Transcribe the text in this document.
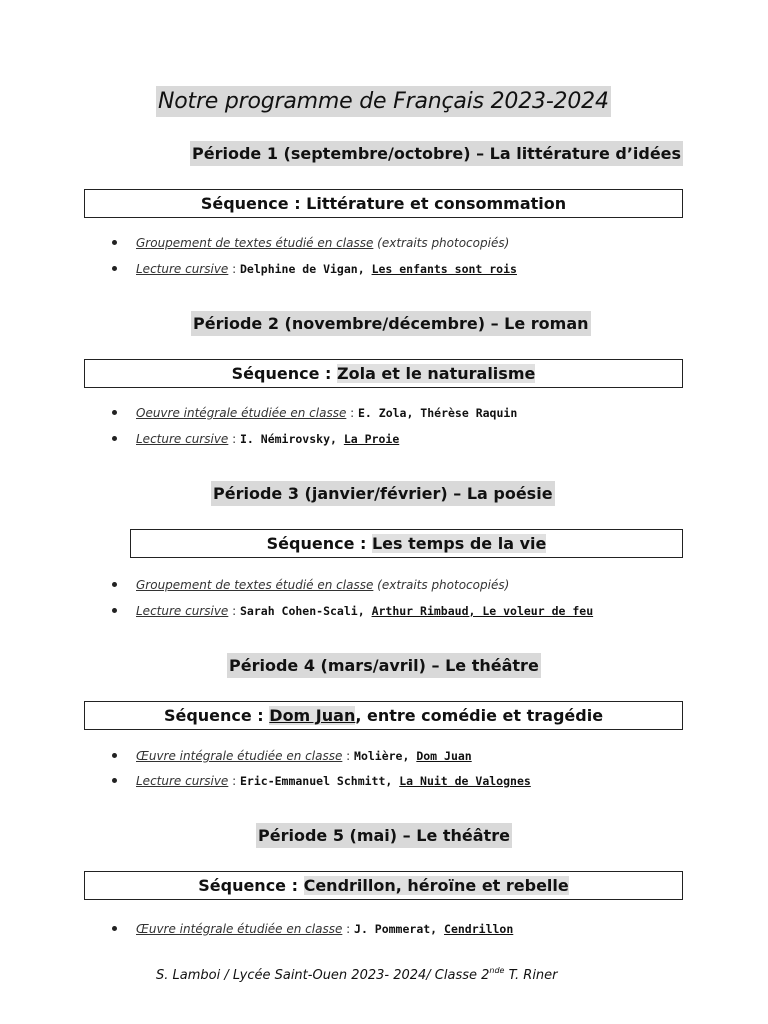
Notre programme de Français 2023-2024
Période 1 (septembre/octobre) – La littérature d’idées
Séquence :
Littérature et consommation
Groupement de textes étudié en classe (extraits photocopiés)
Lecture cursive : Delphine de Vigan, Les enfants sont rois
Période 2 (novembre/décembre) – Le roman
Séquence :
Zola et le naturalisme
Oeuvre intégrale étudiée en classe : E. Zola, Thérèse Raquin
Lecture cursive : I. Némirovsky, La Proie
Période 3 (janvier/février) – La poésie
Séquence :
Les temps de la vie
Groupement de textes étudié en classe (extraits photocopiés)
Lecture cursive : Sarah Cohen-Scali, Arthur Rimbaud, Le voleur de feu
Période 4 (mars/avril) – Le théâtre
Séquence :
Dom Juan , entre comédie et tragédie
Œuvre intégrale étudiée en classe : Molière, Dom Juan
Lecture cursive : Eric-Emmanuel Schmitt, La Nuit de Valognes
Période 5 (mai) – Le théâtre
Séquence :
Cendrillon, héroïne et rebelle
Œuvre intégrale étudiée en classe : J. Pommerat, Cendrillon
S. Lamboi / Lycée Saint-Ouen 2023- 2024/ Classe 2nde T. Riner
